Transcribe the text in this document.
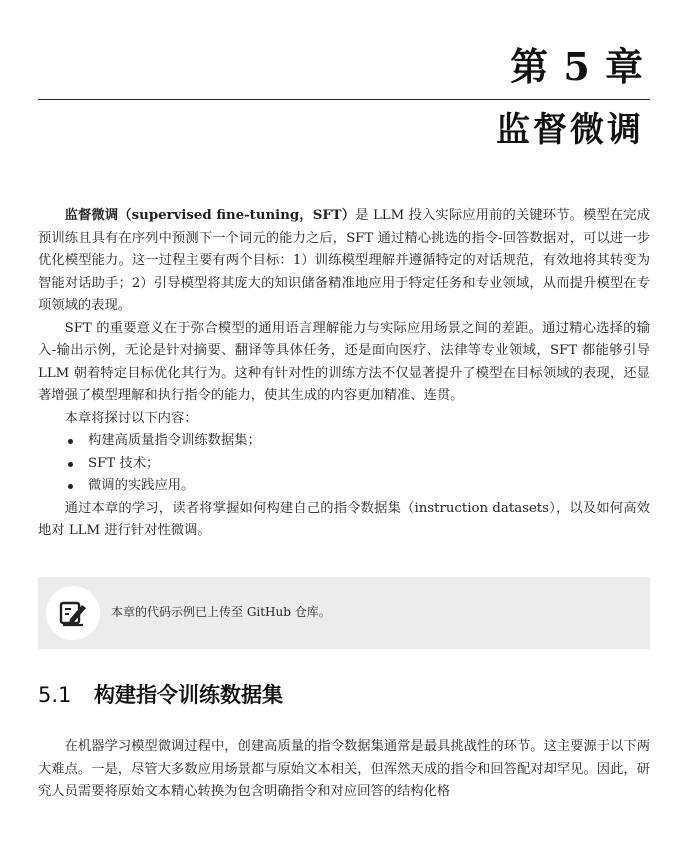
第 5 章
监督微调

监督微调（supervised fine-tuning，SFT）是 LLM 投入实际应用前的关键环节。模型在完成预训练且具有在序列中预测下一个词元的能力之后，SFT 通过精心挑选的指令-回答数据对，可以进一步优化模型能力。这一过程主要有两个目标：1）训练模型理解并遵循特定的对话规范，有效地将其转变为智能对话助手；2）引导模型将其庞大的知识储备精准地应用于特定任务和专业领域，从而提升模型在专项领域的表现。

SFT 的重要意义在于弥合模型的通用语言理解能力与实际应用场景之间的差距。通过精心选择的输入-输出示例，无论是针对摘要、翻译等具体任务，还是面向医疗、法律等专业领域，SFT 都能够引导 LLM 朝着特定目标优化其行为。这种有针对性的训练方法不仅显著提升了模型在目标领域的表现，还显著增强了模型理解和执行指令的能力，使其生成的内容更加精准、连贯。

本章将探讨以下内容：

构建高质量指令训练数据集；
SFT 技术；
微调的实践应用。

通过本章的学习，读者将掌握如何构建自己的指令数据集（instruction datasets），以及如何高效地对 LLM 进行针对性微调。

本章的代码示例已上传至 GitHub 仓库。
5.1 构建指令训练数据集

在机器学习模型微调过程中，创建高质量的指令数据集通常是最具挑战性的环节。这主要源于以下两大难点。一是，尽管大多数应用场景都与原始文本相关，但浑然天成的指令和回答配对却罕见。因此，研究人员需要将原始文本精心转换为包含明确指令和对应回答的结构化格
